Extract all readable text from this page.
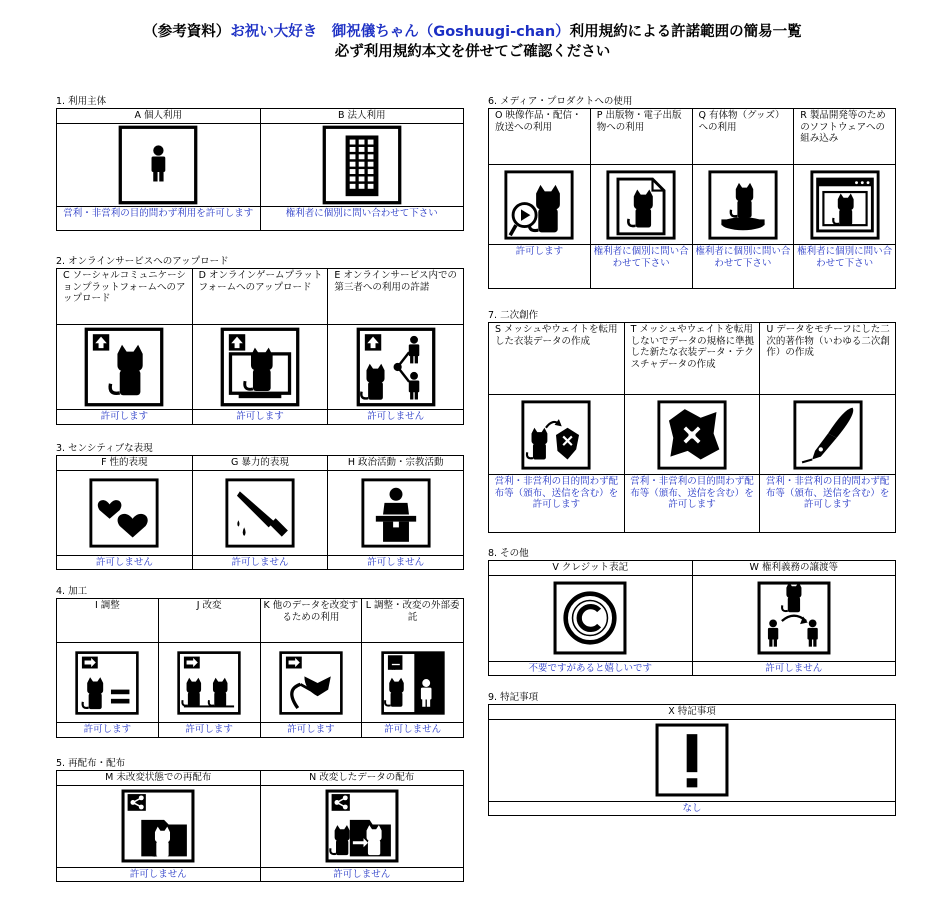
（参考資料）お祝い大好き　御祝儀ちゃん（Goshuugi-chan）利用規約による許諾範囲の簡易一覧
必ず利用規約本文を併せてご確認ください
1. 利用主体
A 個人利用	B 法人利用

営利・非営利の目的問わず利用を許可します	権利者に個別に問い合わせて下さい
2. オンラインサービスへのアップロード
C ソーシャルコミュニケーションプラットフォームへのアップロード	D オンラインゲームプラットフォームへのアップロード	E オンラインサービス内での第三者への利用の許諾

許可します	許可します	許可しません
3. センシティブな表現
F 性的表現	G 暴力的表現	H 政治活動・宗教活動

許可しません	許可しません	許可しません
4. 加工
I 調整	J 改変	K 他のデータを改変するための利用	L 調整・改変の外部委託

許可します	許可します	許可します	許可しません
5. 再配布・配布
M 未改変状態での再配布	N 改変したデータの配布

許可しません	許可しません
6. メディア・プロダクトへの使用
O 映像作品・配信・放送への利用	P 出版物・電子出版物への利用	Q 有体物（グッズ）への利用	R 製品開発等のためのソフトウェアへの組み込み

許可します	権利者に個別に問い合わせて下さい	権利者に個別に問い合わせて下さい	権利者に個別に問い合わせて下さい
7. 二次創作
S メッシュやウェイトを転用した衣装データの作成	T メッシュやウェイトを転用しないでデータの規格に準拠した新たな衣装データ・テクスチャデータの作成	U データをモチーフにした二次的著作物（いわゆる二次創作）の作成

営利・非営利の目的問わず配布等（頒布、送信を含む）を許可します	営利・非営利の目的問わず配布等（頒布、送信を含む）を許可します	営利・非営利の目的問わず配布等（頒布、送信を含む）を許可します
8. その他
V クレジット表記	W 権利義務の譲渡等

不要ですがあると嬉しいです	許可しません
9. 特記事項
X 特記事項

なし
